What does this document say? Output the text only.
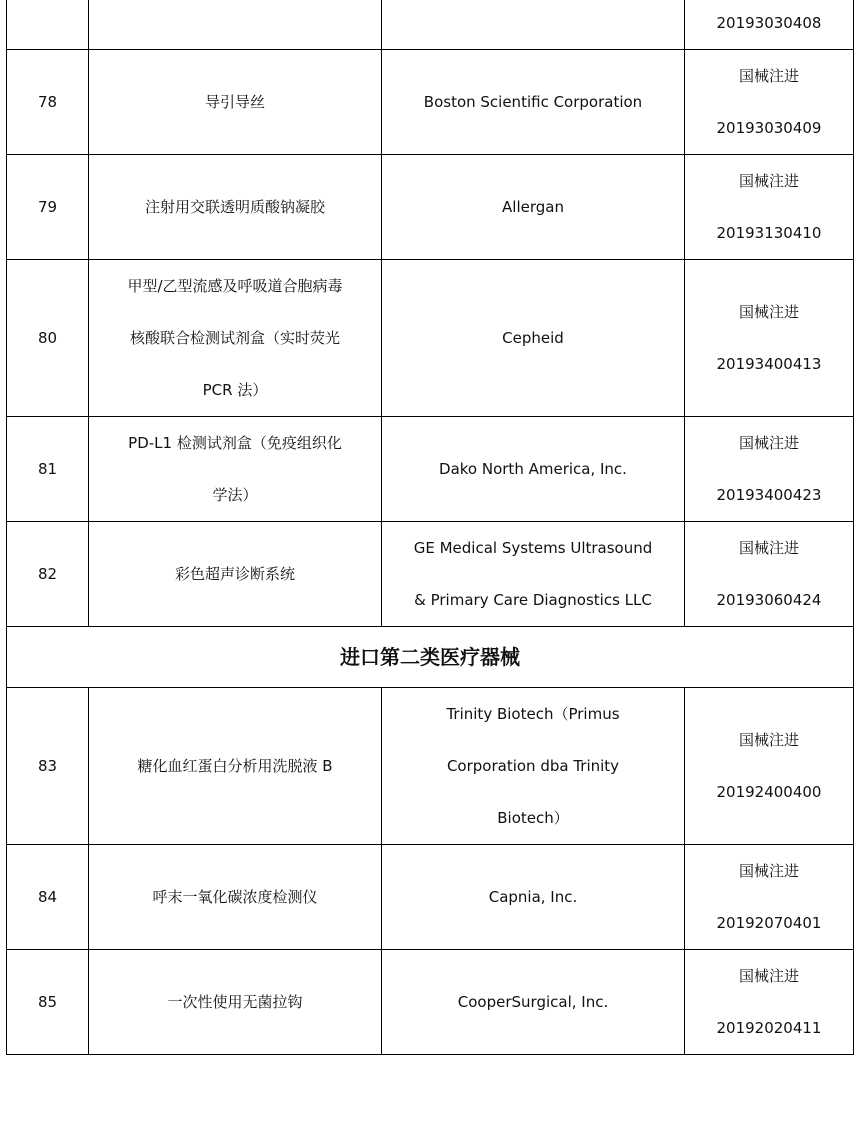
			20193030408

78	导引导丝	Boston Scientific Corporation	国械注进
20193030409

79	注射用交联透明质酸钠凝胶	Allergan	国械注进
20193130410

80	甲型/乙型流感及呼吸道合胞病毒
核酸联合检测试剂盒（实时荧光
PCR 法）	Cepheid	国械注进
20193400413

81	PD-L1 检测试剂盒（免疫组织化
学法）	Dako North America, Inc.	国械注进
20193400423

82	彩色超声诊断系统	GE Medical Systems Ultrasound
& Primary Care Diagnostics LLC	国械注进
20193060424

进口第二类医疗器械			
83	糖化血红蛋白分析用洗脱液 B	Trinity Biotech（Primus
Corporation dba Trinity
Biotech）	国械注进
20192400400

84	呼末一氧化碳浓度检测仪	Capnia, Inc.	国械注进
20192070401

85	一次性使用无菌拉钩	CooperSurgical, Inc.	国械注进
20192020411
